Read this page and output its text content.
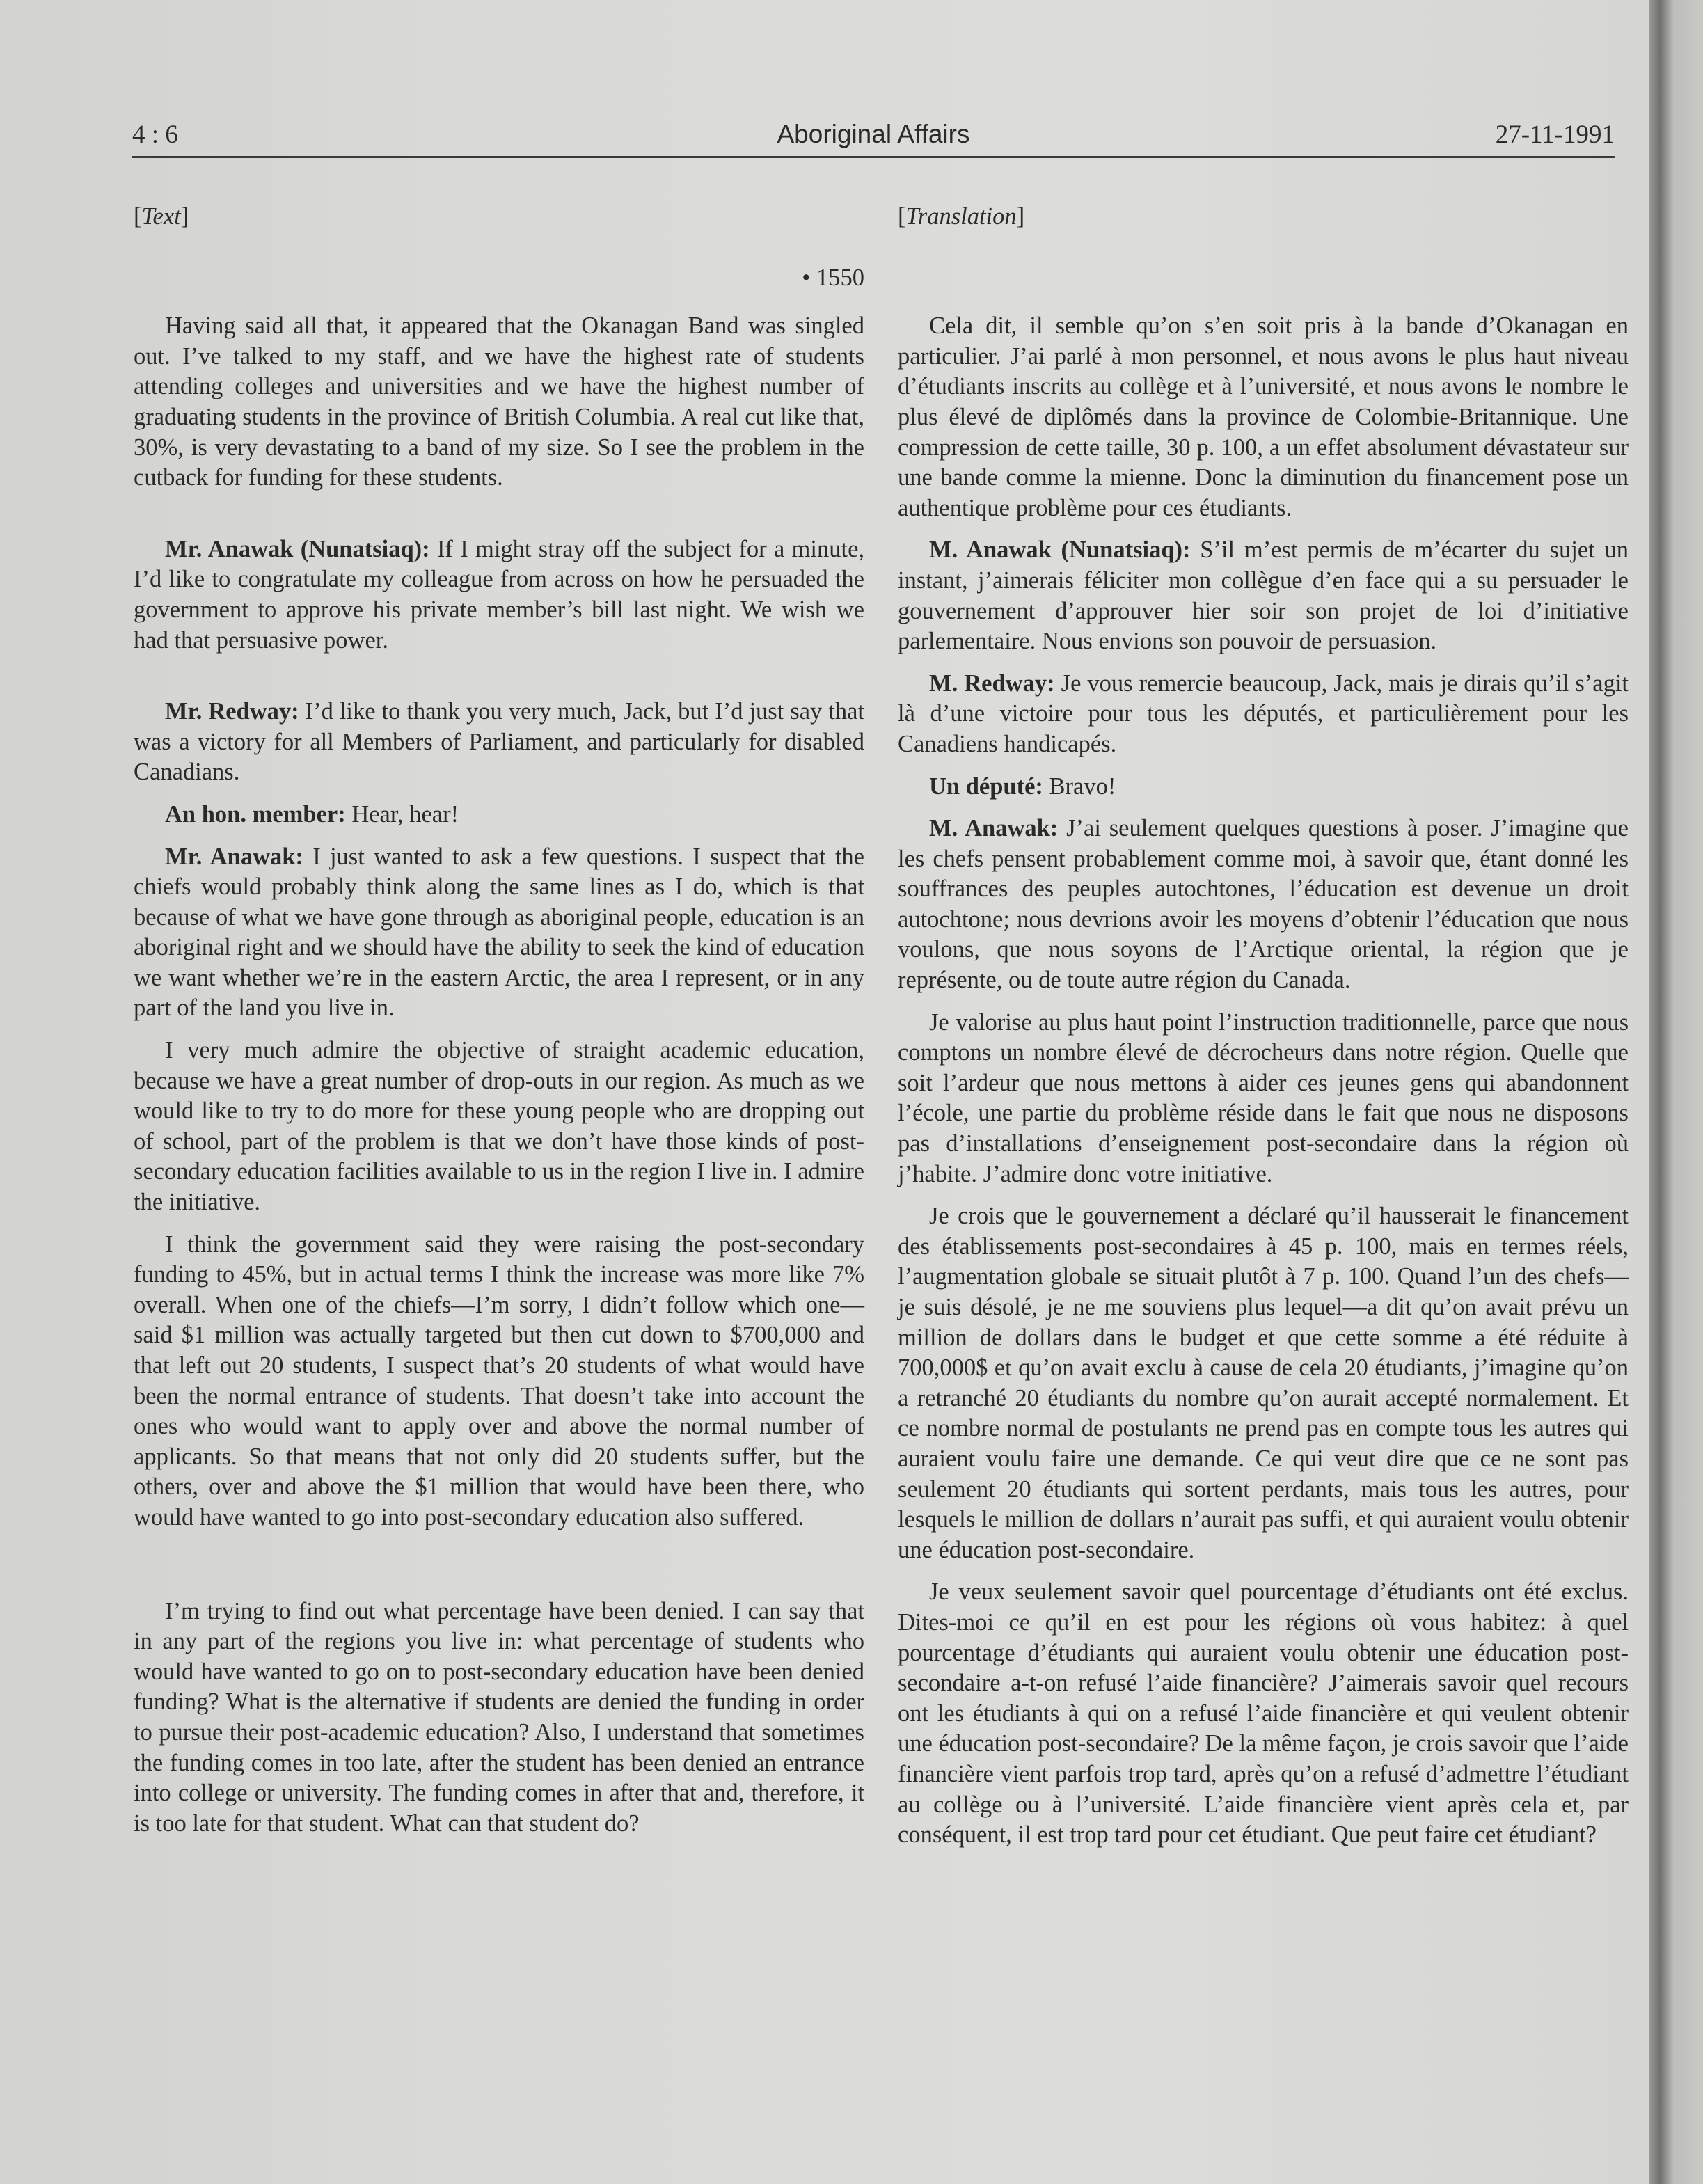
4 : 6	Aboriginal Affairs	27-11-1991
[Text]
• 1550

Having said all that, it appeared that the Okanagan Band was singled out. I’ve talked to my staff, and we have the highest rate of students attending colleges and universities and we have the highest number of graduating students in the province of British Columbia. A real cut like that, 30%, is very devastating to a band of my size. So I see the problem in the cutback for funding for these students.

Mr. Anawak (Nunatsiaq): If I might stray off the subject for a minute, I’d like to congratulate my colleague from across on how he persuaded the government to approve his private member’s bill last night. We wish we had that persuasive power.

Mr. Redway: I’d like to thank you very much, Jack, but I’d just say that was a victory for all Members of Parliament, and particularly for disabled Canadians.

An hon. member: Hear, hear!

Mr. Anawak: I just wanted to ask a few questions. I suspect that the chiefs would probably think along the same lines as I do, which is that because of what we have gone through as aboriginal people, education is an aboriginal right and we should have the ability to seek the kind of education we want whether we’re in the eastern Arctic, the area I represent, or in any part of the land you live in.

I very much admire the objective of straight academic education, because we have a great number of drop-outs in our region. As much as we would like to try to do more for these young people who are dropping out of school, part of the problem is that we don’t have those kinds of post-secondary education facilities available to us in the region I live in. I admire the initiative.

I think the government said they were raising the post-secondary funding to 45%, but in actual terms I think the increase was more like 7% overall. When one of the chiefs—I’m sorry, I didn’t follow which one—said $1 million was actually targeted but then cut down to $700,000 and that left out 20 students, I suspect that’s 20 students of what would have been the normal entrance of students. That doesn’t take into account the ones who would want to apply over and above the normal number of applicants. So that means that not only did 20 students suffer, but the others, over and above the $1 million that would have been there, who would have wanted to go into post-secondary education also suffered.

I’m trying to find out what percentage have been denied. I can say that in any part of the regions you live in: what percentage of students who would have wanted to go on to post-secondary education have been denied funding? What is the alternative if students are denied the funding in order to pursue their post-academic education? Also, I understand that sometimes the funding comes in too late, after the student has been denied an entrance into college or university. The funding comes in after that and, therefore, it is too late for that student. What can that student do?

[Translation]

Cela dit, il semble qu’on s’en soit pris à la bande d’Okanagan en particulier. J’ai parlé à mon personnel, et nous avons le plus haut niveau d’étudiants inscrits au collège et à l’université, et nous avons le nombre le plus élevé de diplômés dans la province de Colombie-Britannique. Une compression de cette taille, 30 p. 100, a un effet absolument dévastateur sur une bande comme la mienne. Donc la diminution du financement pose un authentique problème pour ces étudiants.

M. Anawak (Nunatsiaq): S’il m’est permis de m’écarter du sujet un instant, j’aimerais féliciter mon collègue d’en face qui a su persuader le gouvernement d’approuver hier soir son projet de loi d’initiative parlementaire. Nous envions son pouvoir de persuasion.

M. Redway: Je vous remercie beaucoup, Jack, mais je dirais qu’il s’agit là d’une victoire pour tous les députés, et particulièrement pour les Canadiens handicapés.

Un député: Bravo!

M. Anawak: J’ai seulement quelques questions à poser. J’imagine que les chefs pensent probablement comme moi, à savoir que, étant donné les souffrances des peuples autochtones, l’éducation est devenue un droit autochtone; nous devrions avoir les moyens d’obtenir l’éducation que nous voulons, que nous soyons de l’Arctique oriental, la région que je représente, ou de toute autre région du Canada.

Je valorise au plus haut point l’instruction traditionnelle, parce que nous comptons un nombre élevé de décrocheurs dans notre région. Quelle que soit l’ardeur que nous mettons à aider ces jeunes gens qui abandonnent l’école, une partie du problème réside dans le fait que nous ne disposons pas d’installations d’enseignement post-secondaire dans la région où j’habite. J’admire donc votre initiative.

Je crois que le gouvernement a déclaré qu’il hausserait le financement des établissements post-secondaires à 45 p. 100, mais en termes réels, l’augmentation globale se situait plutôt à 7 p. 100. Quand l’un des chefs—je suis désolé, je ne me souviens plus lequel—a dit qu’on avait prévu un million de dollars dans le budget et que cette somme a été réduite à 700,000$ et qu’on avait exclu à cause de cela 20 étudiants, j’imagine qu’on a retranché 20 étudiants du nombre qu’on aurait accepté normalement. Et ce nombre normal de postulants ne prend pas en compte tous les autres qui auraient voulu faire une demande. Ce qui veut dire que ce ne sont pas seulement 20 étudiants qui sortent perdants, mais tous les autres, pour lesquels le million de dollars n’aurait pas suffi, et qui auraient voulu obtenir une éducation post-secondaire.

Je veux seulement savoir quel pourcentage d’étudiants ont été exclus. Dites-moi ce qu’il en est pour les régions où vous habitez: à quel pourcentage d’étudiants qui auraient voulu obtenir une éducation post-secondaire a-t-on refusé l’aide financière? J’aimerais savoir quel recours ont les étudiants à qui on a refusé l’aide financière et qui veulent obtenir une éducation post-secondaire? De la même façon, je crois savoir que l’aide financière vient parfois trop tard, après qu’on a refusé d’admettre l’étudiant au collège ou à l’université. L’aide financière vient après cela et, par conséquent, il est trop tard pour cet étudiant. Que peut faire cet étudiant?
